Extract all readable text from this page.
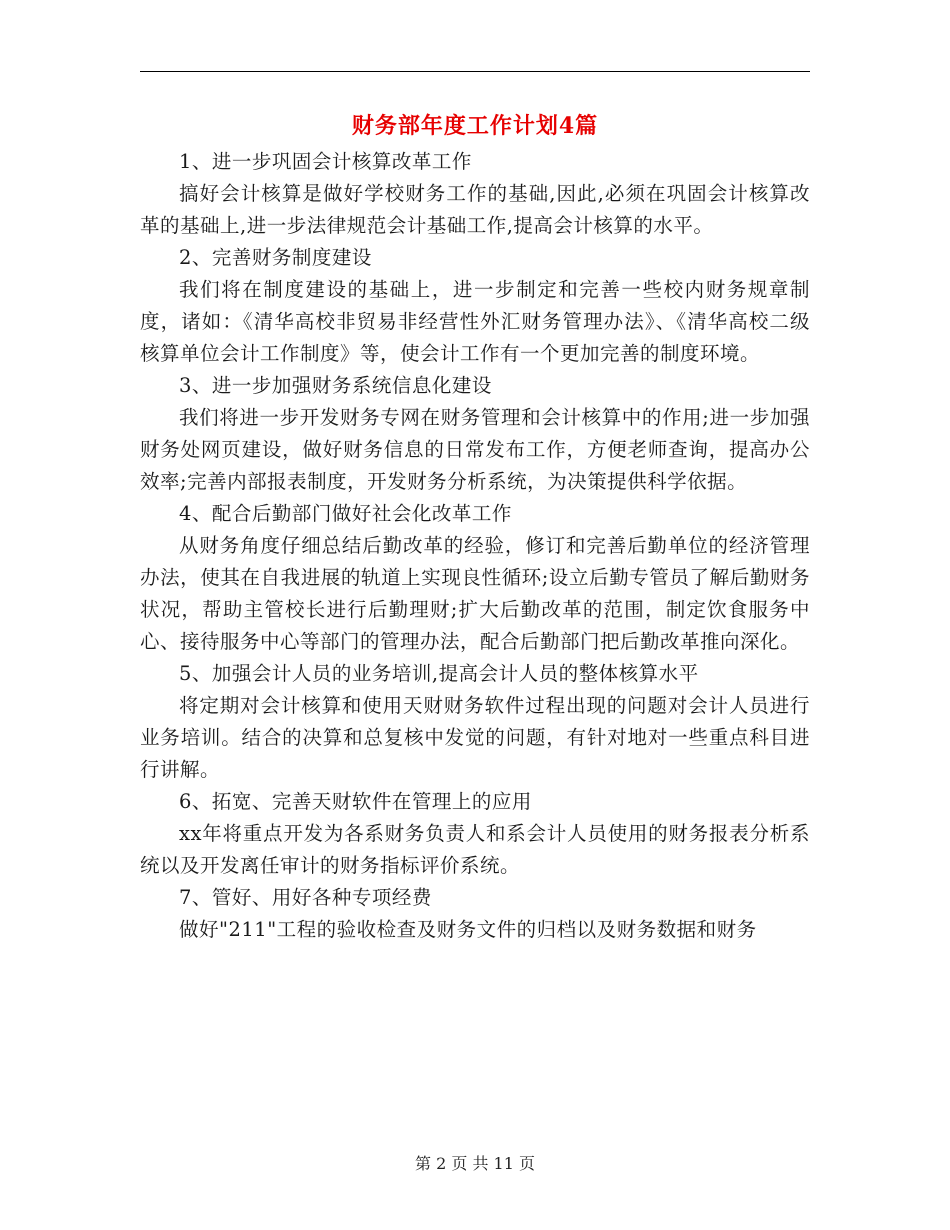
财务部年度工作计划4篇

1、进一步巩固会计核算改革工作

搞好会计核算是做好学校财务工作的基础,因此,必须在巩固会计核算改革的基础上,进一步法律规范会计基础工作,提高会计核算的水平。

2、完善财务制度建设

我们将在制度建设的基础上，进一步制定和完善一些校内财务规章制度，诸如：《清华高校非贸易非经营性外汇财务管理办法》、《清华高校二级核算单位会计工作制度》等，使会计工作有一个更加完善的制度环境。

3、进一步加强财务系统信息化建设

我们将进一步开发财务专网在财务管理和会计核算中的作用;进一步加强财务处网页建设，做好财务信息的日常发布工作，方便老师查询，提高办公效率;完善内部报表制度，开发财务分析系统，为决策提供科学依据。

4、配合后勤部门做好社会化改革工作

从财务角度仔细总结后勤改革的经验，修订和完善后勤单位的经济管理办法，使其在自我进展的轨道上实现良性循环;设立后勤专管员了解后勤财务状况，帮助主管校长进行后勤理财;扩大后勤改革的范围，制定饮食服务中心、接待服务中心等部门的管理办法，配合后勤部门把后勤改革推向深化。

5、加强会计人员的业务培训,提高会计人员的整体核算水平

将定期对会计核算和使用天财财务软件过程出现的问题对会计人员进行业务培训。结合的决算和总复核中发觉的问题，有针对地对一些重点科目进行讲解。

6、拓宽、完善天财软件在管理上的应用

xx年将重点开发为各系财务负责人和系会计人员使用的财务报表分析系统以及开发离任审计的财务指标评价系统。

7、管好、用好各种专项经费

做好"211"工程的验收检查及财务文件的归档以及财务数据和财务

第 2 页 共 11 页
